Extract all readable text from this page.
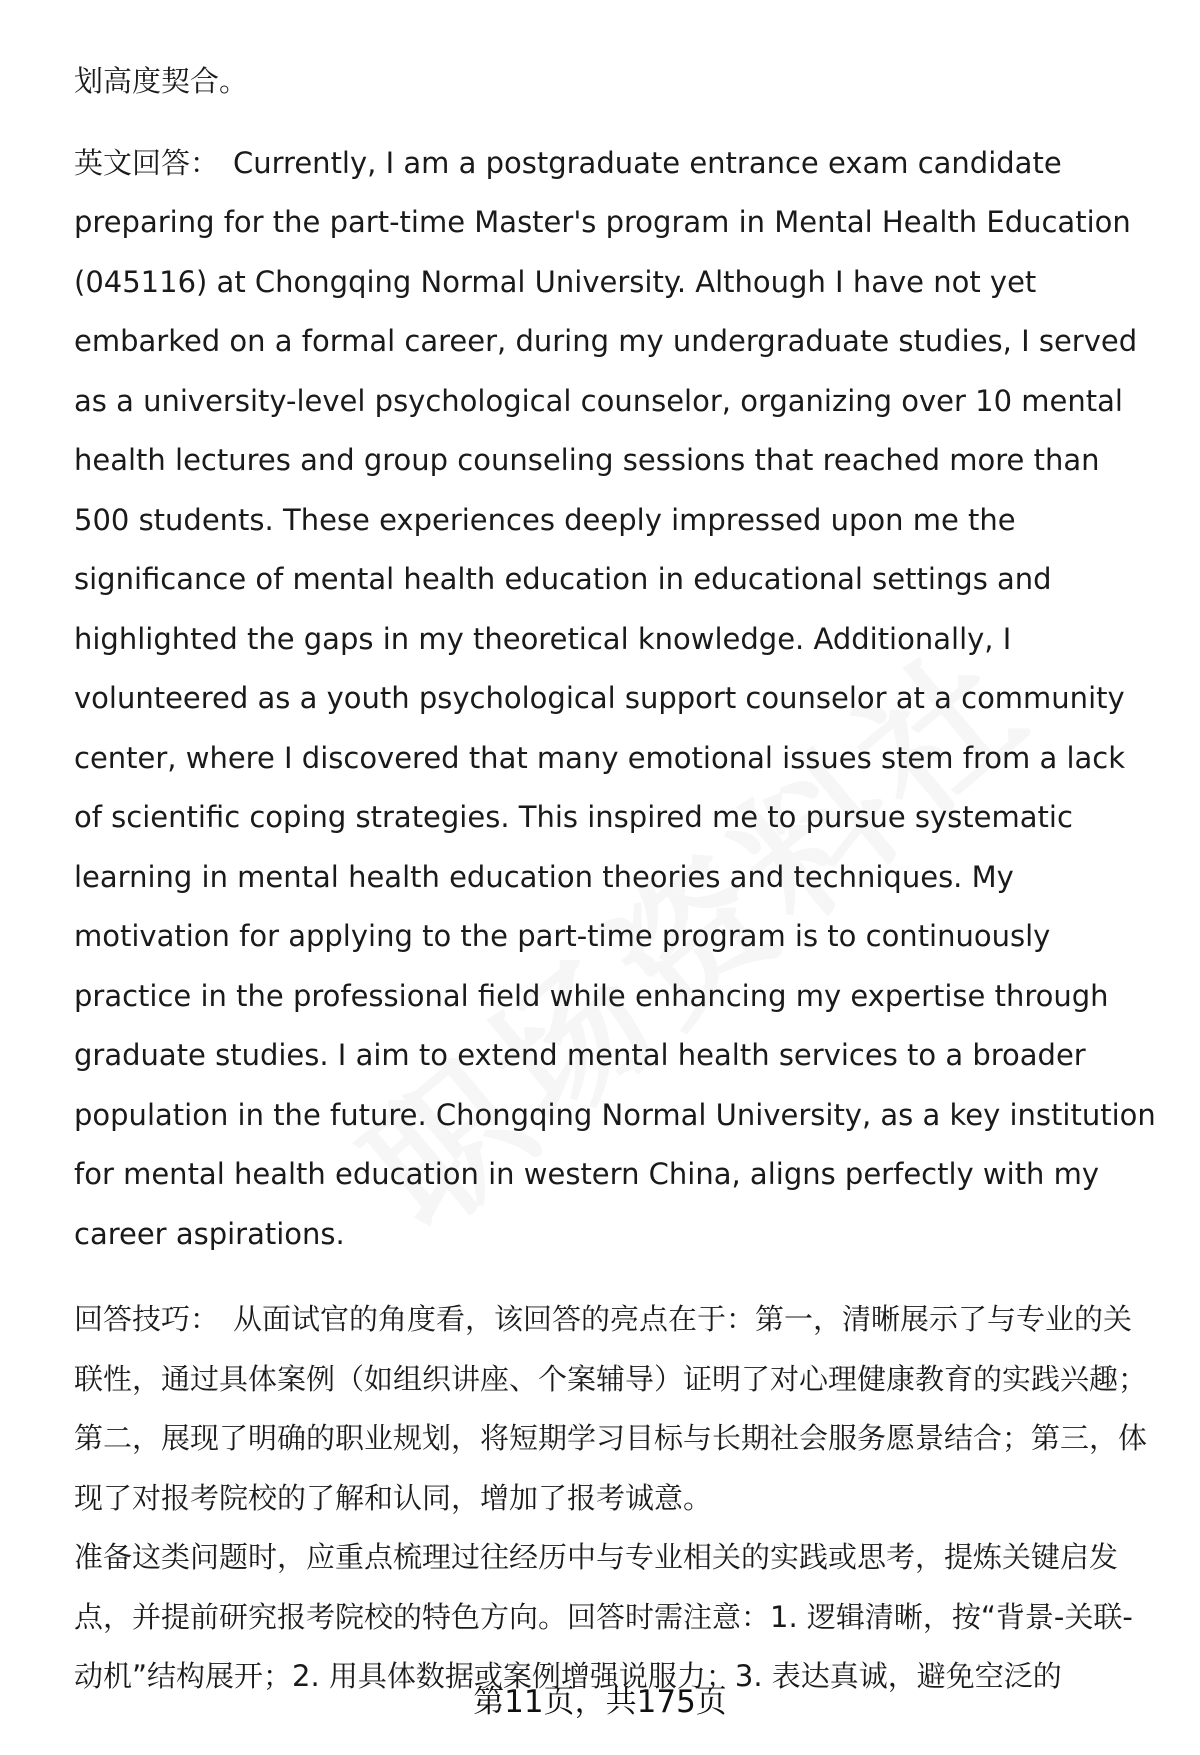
划高度契合。

英文回答： Currently, I am a postgraduate entrance exam candidate preparing for the part-time Master's program in Mental Health Education (045116) at Chongqing Normal University. Although I have not yet embarked on a formal career, during my undergraduate studies, I served as a university-level psychological counselor, organizing over 10 mental health lectures and group counseling sessions that reached more than 500 students. These experiences deeply impressed upon me the significance of mental health education in educational settings and highlighted the gaps in my theoretical knowledge. Additionally, I volunteered as a youth psychological support counselor at a community center, where I discovered that many emotional issues stem from a lack of scientific coping strategies. This inspired me to pursue systematic learning in mental health education theories and techniques. My motivation for applying to the part-time program is to continuously practice in the professional field while enhancing my expertise through graduate studies. I aim to extend mental health services to a broader population in the future. Chongqing Normal University, as a key institution for mental health education in western China, aligns perfectly with my career aspirations.

回答技巧： 从面试官的角度看，该回答的亮点在于：第一，清晰展示了与专业的关联性，通过具体案例（如组织讲座、个案辅导）证明了对心理健康教育的实践兴趣；第二，展现了明确的职业规划，将短期学习目标与长期社会服务愿景结合；第三，体现了对报考院校的了解和认同，增加了报考诚意。

准备这类问题时，应重点梳理过往经历中与专业相关的实践或思考，提炼关键启发点，并提前研究报考院校的特色方向。回答时需注意：1. 逻辑清晰，按“背景-关联-动机”结构展开；2. 用具体数据或案例增强说服力；3. 表达真诚，避免空泛的

第11页，共175页
